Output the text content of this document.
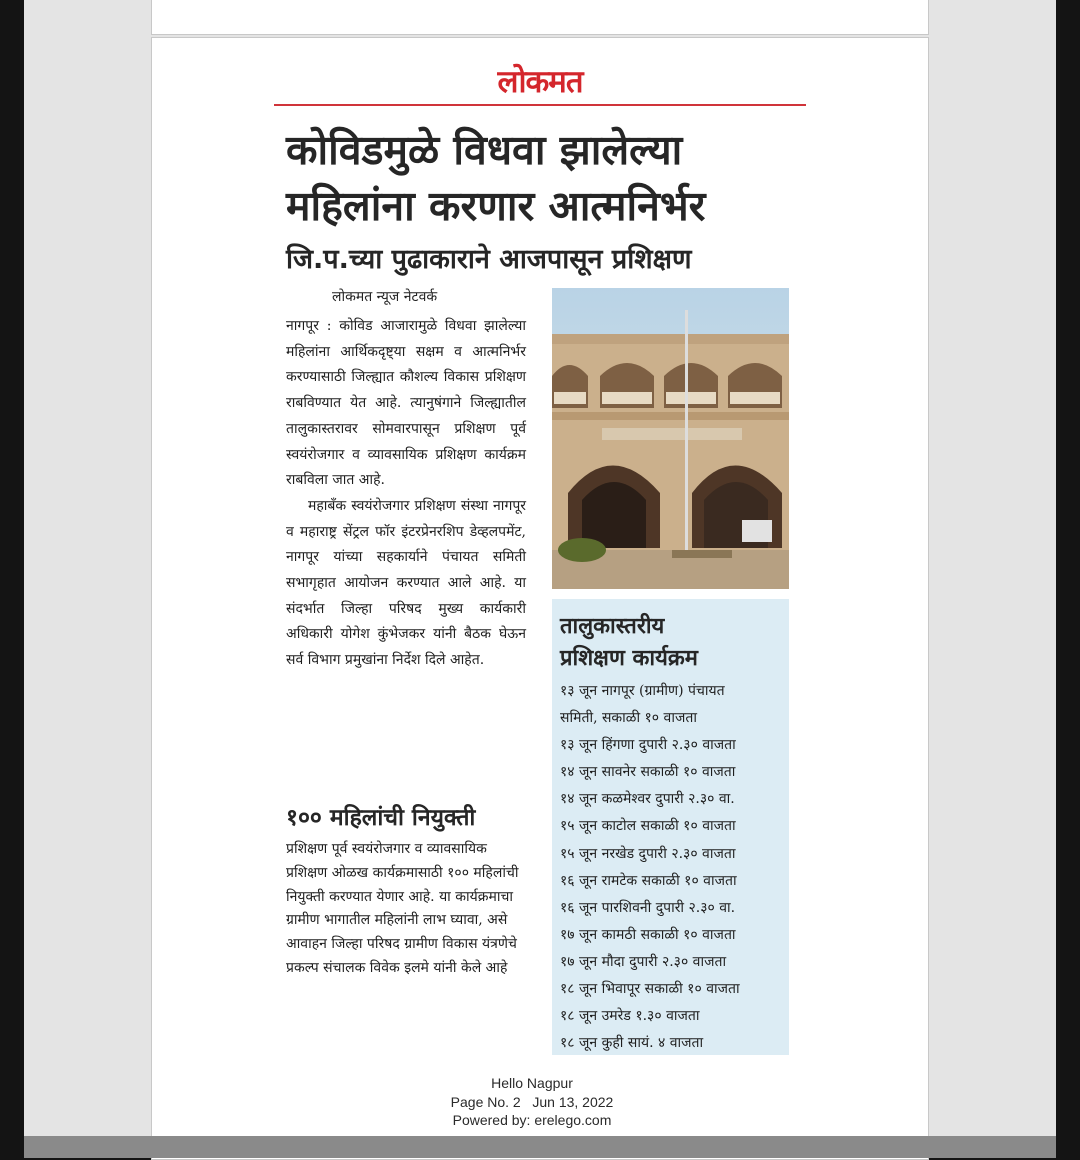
लोकमत
कोविडमुळे विधवा झालेल्या
महिलांना करणार आत्मनिर्भर
जि.प.च्या पुढाकाराने आजपासून प्रशिक्षण
लोकमत न्यूज नेटवर्क

नागपूर : कोविड आजारामुळे विधवा झालेल्या महिलांना आर्थिकदृष्ट्या सक्षम व आत्मनिर्भर करण्यासाठी जिल्ह्यात कौशल्य विकास प्रशिक्षण राबविण्यात येत आहे. त्यानुषंगाने जिल्ह्यातील तालुकास्तरावर सोमवारपासून प्रशिक्षण पूर्व स्वयंरोजगार व व्यावसायिक प्रशिक्षण कार्यक्रम राबविला जात आहे.

महाबँक स्वयंरोजगार प्रशिक्षण संस्था नागपूर व महाराष्ट्र सेंट्रल फॉर इंटरप्रेनरशिप डेव्हलपमेंट, नागपूर यांच्या सहकार्याने पंचायत समिती सभागृहात आयोजन करण्यात आले आहे. या संदर्भात जिल्हा परिषद मुख्य कार्यकारी अधिकारी योगेश कुंभेजकर यांनी बैठक घेऊन सर्व विभाग प्रमुखांना निर्देश दिले आहेत.

१०० महिलांची नियुक्ती
प्रशिक्षण पूर्व स्वयंरोजगार व व्यावसायिक प्रशिक्षण ओळख कार्यक्रमासाठी १०० महिलांची नियुक्ती करण्यात येणार आहे. या कार्यक्रमाचा ग्रामीण भागातील महिलांनी लाभ घ्यावा, असे आवाहन जिल्हा परिषद ग्रामीण विकास यंत्रणेचे प्रकल्प संचालक विवेक इलमे यांनी केले आहे
तालुकास्तरीय
प्रशिक्षण कार्यक्रम
१३ जून नागपूर (ग्रामीण) पंचायत
समिती, सकाळी १० वाजता
१३ जून हिंगणा दुपारी २.३० वाजता
१४ जून सावनेर सकाळी १० वाजता
१४ जून कळमेश्वर दुपारी २.३० वा.
१५ जून काटोल सकाळी १० वाजता
१५ जून नरखेड दुपारी २.३० वाजता
१६ जून रामटेक सकाळी १० वाजता
१६ जून पारशिवनी दुपारी २.३० वा.
१७ जून कामठी सकाळी १० वाजता
१७ जून मौदा दुपारी २.३० वाजता
१८ जून भिवापूर सकाळी १० वाजता
१८ जून उमरेड १.३० वाजता
१८ जून कुही सायं. ४ वाजता
Hello Nagpur
Page No. 2   Jun 13, 2022
Powered by: erelego.com
